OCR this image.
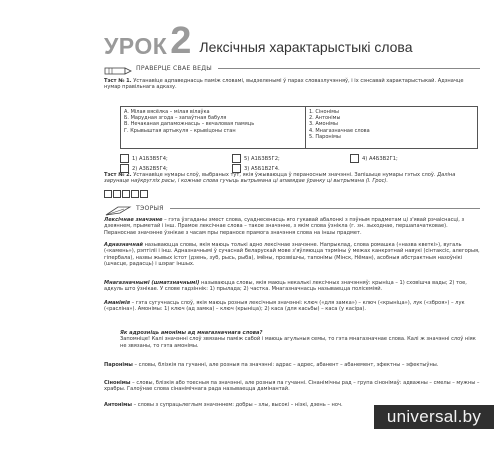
УРОК 2 Лексічныя характарыстыкі слова
ПРАВЕРЦЕ СВАЕ ВЕДЫ
Тэст № 1. Устанавіце адпаведнасць паміж словамі, выдзеленымі ў парах словазлучэнняў, і іх сэнсавай характарыстыкай. Адзначце нумар правільнага адказу.
А. Мілая вясёлка – мілая вілаўка
Б. Марудная згода – запаўтная бабуля
В. Нечаканая дапаможнасць – вечаловая памяць
Г. Крывыштая артыкуля – крывіцоны стан
1. Сінонімы
2. Антонімы
3. Амонімы
4. Мнагазначнае слова
5. Паронімы
1) А1Б3В5Г4;
2) А3Б2В5Г4;
5) А1Б3В5Г2;
3) А5Б1В2Г4.
4) А4Б3В2Г1;
Тэст № 2. Устанавіце нумары слоў, выбраных тут, якія ўжываюцца ў пераносным значэнні. Запішыце нумары гэтых слоў. Даліна зарунаце наўкругліх расы, і кожнае слова гучыць вытрымана ці апавядае ўранку ці вытрымана (І. Грос).
ТЭОРЫЯ
Лексічнае значэнне – гэта ўзгаданы змест слова, суаднесенасць яго гукавай абалонкі з пэўным прадметам ці з'явай рэчаіснасці, з дзеяннем, прыметай і інш. Прамое лексічнае слова – такое значэнне, з якім слова ўзнікла (г. зн. зыходнае, першапачатковае). Пераноснае значэнне ўзнікае з часам пры пераносе прамога значэння слова на іншы прадмет.
Адназначнай называюцца словы, якія маюць толькі адно лексічнае значэнне. Напрыклад, слова ромашка («назва кветкі»), вугаль («камень»), рэптіліі і інш. Адназначнымі ў сучаснай беларускай мове з'яўляюцца тэрміны ў межах канкрэтнай навукі (сінтаксіс, алегорыя, гіпербала), назвы жывых істот (дзень, зуб, рысь, рыба), імёны, прозвішчы, тапонімы (Мінск, Нёман), асобныя абстрактныя назоўнікі (шчасце, радасць) і шэраг іншых.
Мнагазначнымі (шматзначнымі) называюцца словы, якія маюць некалькі лексічных значэнняў: крыніца – 1) сховішча вады; 2) тое, адкуль што ўзнікае. У слове гадзіннік: 1) прылада; 2) частка. Мнагазначнасць называецца полісеміяй.
Аманімія – гэта сугучнасць слоў, якія маюць розныя лексічныя значэнні: ключ («для замка») – ключ («крыніца»), лук («зброя») – лук («расліна»). Амонімы: 1) ключ (ад замка) – ключ (крыніца); 2) каса (для касьбы) – каса (у касіра).
Як адрозніць амонімы ад мнагазначнага слова?
Запомніце! Калі значэнні слоў звязаны паміж сабой і маюць агульныя семы, то гэта мнагазначнае слова. Калі ж значэнні слоў ніяк не звязаны, то гэта амонімы.
Паронімы – словы, блізкія па гучанні, але розныя па значэнні: адрас – адрес, абанент – абанемент, эфектны – эфектыўны.
Сінонімы – словы, блізкія або тоесныя па значэнні, але розныя па гучанні. Сінанімічны рад – група сінонімаў: адважны – смелы – мужны – храбры. Галоўнае слова сінанімічнага рада называецца дамінантай.
Антонімы – словы з супрацьлеглым значэннем: добры – злы, высокі – нізкі, дзень – ноч.
universal.by
